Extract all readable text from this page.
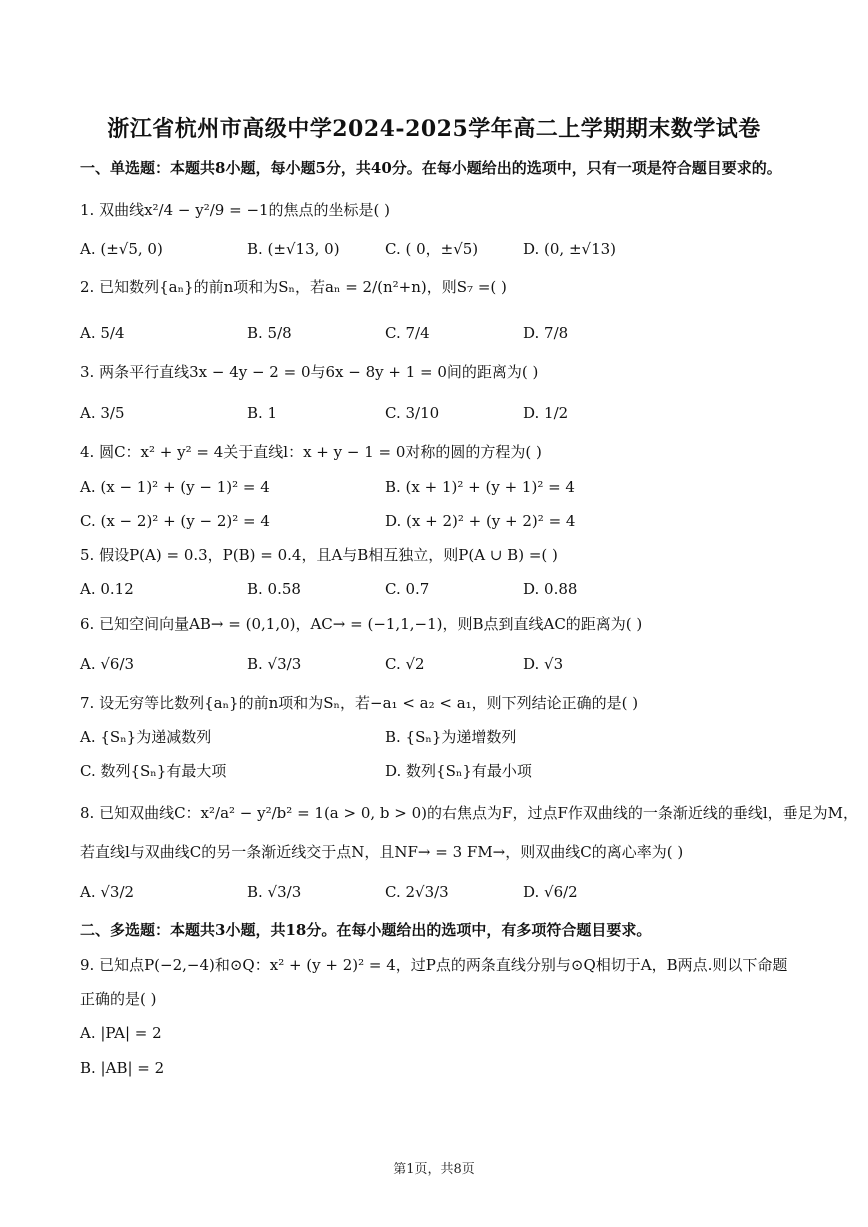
浙江省杭州市高级中学2024-2025学年高二上学期期末数学试卷
一、单选题：本题共8小题，每小题5分，共40分。在每小题给出的选项中，只有一项是符合题目要求的。
1. 双曲线x²/4 − y²/9 = −1的焦点的坐标是( )
A. (±√5, 0)	B. (±√13, 0)	C. ( 0，±√5)	D. (0, ±√13)
2. 已知数列{aₙ}的前n项和为Sₙ，若aₙ = 2/(n²+n)，则S₇ =( )
A. 5/4	B. 5/8	C. 7/4	D. 7/8
3. 两条平行直线3x − 4y − 2 = 0与6x − 8y + 1 = 0间的距离为( )
A. 3/5	B. 1	C. 3/10	D. 1/2
4. 圆C：x² + y² = 4关于直线l：x + y − 1 = 0对称的圆的方程为( )
A. (x − 1)² + (y − 1)² = 4	B. (x + 1)² + (y + 1)² = 4
C. (x − 2)² + (y − 2)² = 4	D. (x + 2)² + (y + 2)² = 4
5. 假设P(A) = 0.3，P(B) = 0.4，且A与B相互独立，则P(A ∪ B) =( )
A. 0.12	B. 0.58	C. 0.7	D. 0.88
6. 已知空间向量AB→ = (0,1,0)，AC→ = (−1,1,−1)，则B点到直线AC的距离为( )
A. √6/3	B. √3/3	C. √2	D. √3
7. 设无穷等比数列{aₙ}的前n项和为Sₙ，若−a₁ < a₂ < a₁，则下列结论正确的是( )
A. {Sₙ}为递减数列	B. {Sₙ}为递增数列
C. 数列{Sₙ}有最大项	D. 数列{Sₙ}有最小项
8. 已知双曲线C：x²/a² − y²/b² = 1(a > 0, b > 0)的右焦点为F，过点F作双曲线的一条渐近线的垂线l，垂足为M，
若直线l与双曲线C的另一条渐近线交于点N，且NF→ = 3 FM→，则双曲线C的离心率为( )
A. √3/2	B. √3/3	C. 2√3/3	D. √6/2
二、多选题：本题共3小题，共18分。在每小题给出的选项中，有多项符合题目要求。
9. 已知点P(−2,−4)和⊙Q：x² + (y + 2)² = 4，过P点的两条直线分别与⊙Q相切于A，B两点.则以下命题
正确的是( )
A. |PA| = 2
B. |AB| = 2
第1页，共8页
